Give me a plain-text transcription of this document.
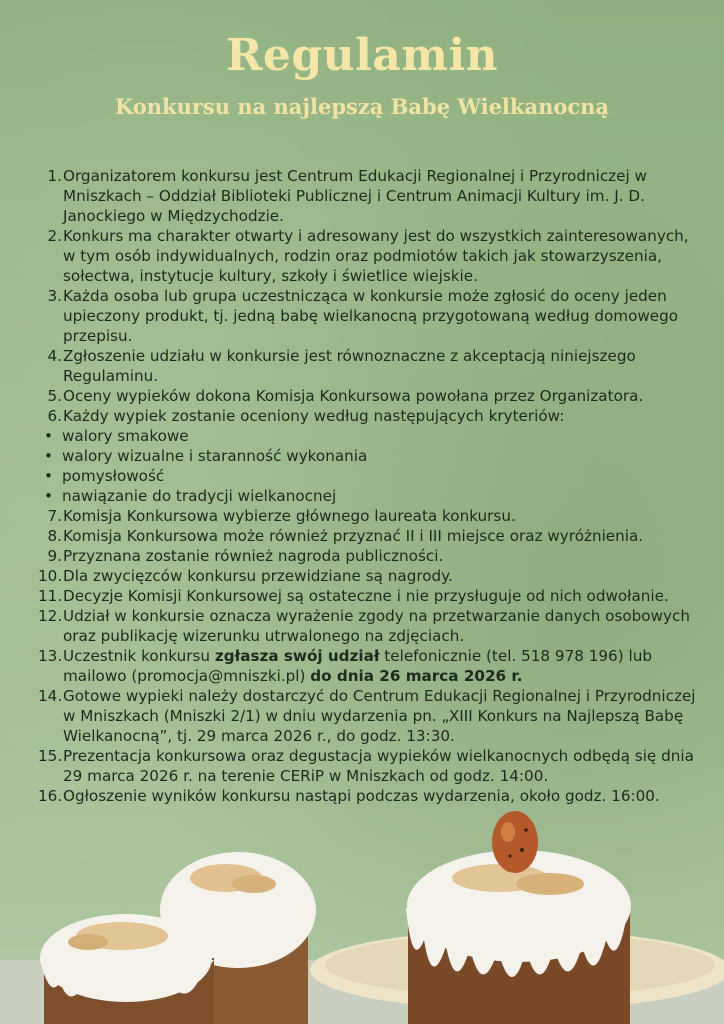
Regulamin
Konkursu na najlepszą Babę Wielkanocną
1. Organizatorem konkursu jest Centrum Edukacji Regionalnej i Przyrodniczej w Mniszkach – Oddział Biblioteki Publicznej i Centrum Animacji Kultury im. J. D. Janockiego w Międzychodzie.
2. Konkurs ma charakter otwarty i adresowany jest do wszystkich zainteresowanych, w tym osób indywidualnych, rodzin oraz podmiotów takich jak stowarzyszenia, sołectwa, instytucje kultury, szkoły i świetlice wiejskie.
3. Każda osoba lub grupa uczestnicząca w konkursie może zgłosić do oceny jeden upieczony produkt, tj. jedną babę wielkanocną przygotowaną według domowego przepisu.
4. Zgłoszenie udziału w konkursie jest równoznaczne z akceptacją niniejszego Regulaminu.
5. Oceny wypieków dokona Komisja Konkursowa powołana przez Organizatora.
6. Każdy wypiek zostanie oceniony według następujących kryteriów:
• walory smakowe
• walory wizualne i staranność wykonania
• pomysłowość
• nawiązanie do tradycji wielkanocnej
7. Komisja Konkursowa wybierze głównego laureata konkursu.
8. Komisja Konkursowa może również przyznać II i III miejsce oraz wyróżnienia.
9. Przyznana zostanie również nagroda publiczności.
10. Dla zwycięzców konkursu przewidziane są nagrody.
11. Decyzje Komisji Konkursowej są ostateczne i nie przysługuje od nich odwołanie.
12. Udział w konkursie oznacza wyrażenie zgody na przetwarzanie danych osobowych oraz publikację wizerunku utrwalonego na zdjęciach.
13. Uczestnik konkursu zgłasza swój udział telefonicznie (tel. 518 978 196) lub mailowo (promocja@mniszki.pl) do dnia 26 marca 2026 r.
14. Gotowe wypieki należy dostarczyć do Centrum Edukacji Regionalnej i Przyrodniczej w Mniszkach (Mniszki 2/1) w dniu wydarzenia pn. „XIII Konkurs na Najlepszą Babę Wielkanocną”, tj. 29 marca 2026 r., do godz. 13:30.
15. Prezentacja konkursowa oraz degustacja wypieków wielkanocnych odbędą się dnia 29 marca 2026 r. na terenie CERiP w Mniszkach od godz. 14:00.
16. Ogłoszenie wyników konkursu nastąpi podczas wydarzenia, około godz. 16:00.
